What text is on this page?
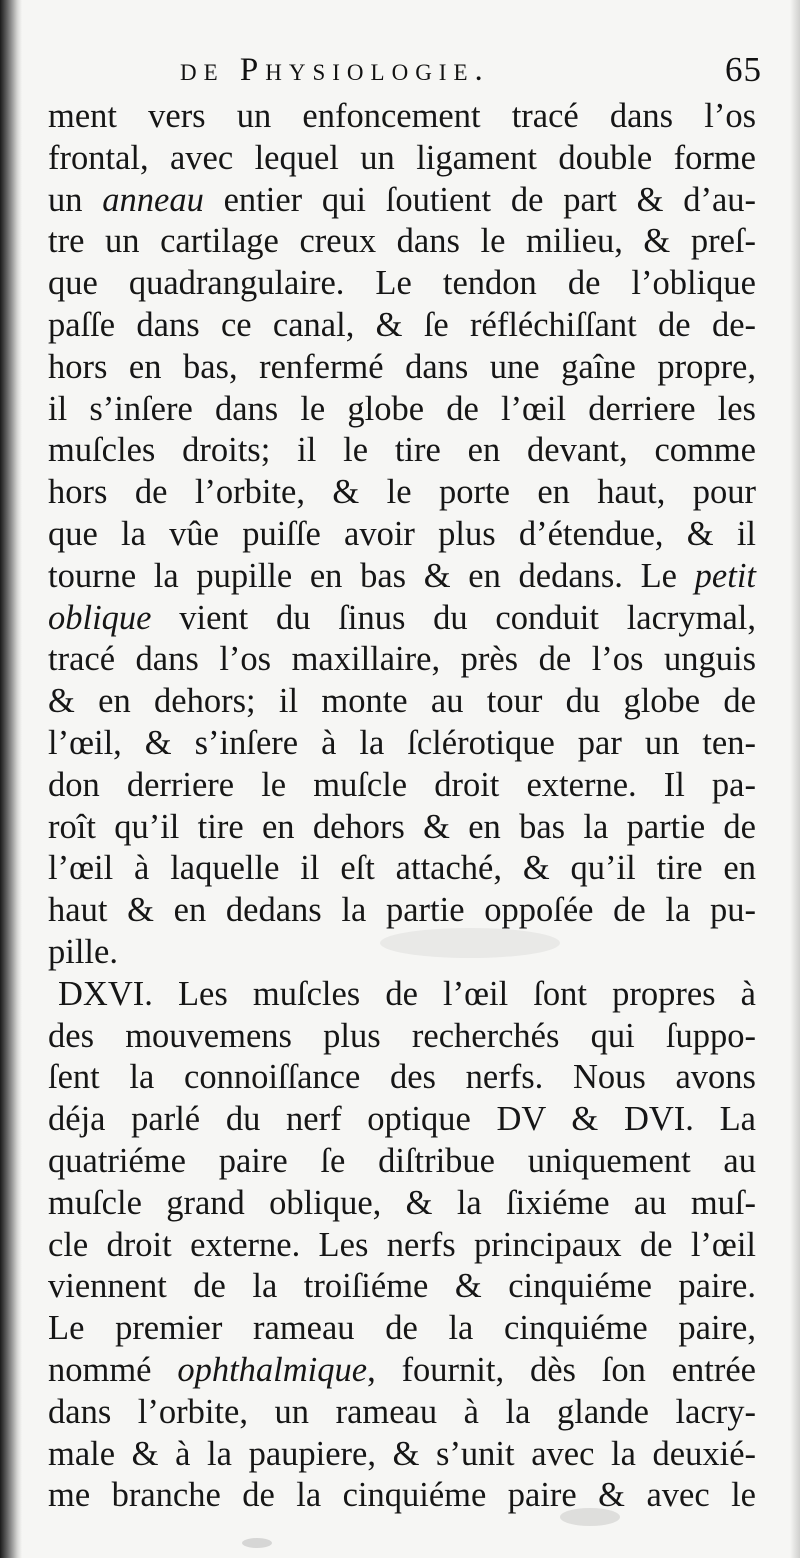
de Physiologie.	65
ment vers un enfoncement tracé dans l’os
frontal, avec lequel un ligament double forme
un anneau entier qui ſoutient de part & d’au-
tre un cartilage creux dans le milieu, & preſ-
que quadrangulaire. Le tendon de l’oblique
paſſe dans ce canal, & ſe réfléchiſſant de de-
hors en bas, renfermé dans une gaîne propre,
il s’inſere dans le globe de l’œil derriere les
muſcles droits; il le tire en devant, comme
hors de l’orbite, & le porte en haut, pour
que la vûe puiſſe avoir plus d’étendue, & il
tourne la pupille en bas & en dedans. Le petit
oblique vient du ſinus du conduit lacrymal,
tracé dans l’os maxillaire, près de l’os unguis
& en dehors; il monte au tour du globe de
l’œil, & s’inſere à la ſclérotique par un ten-
don derriere le muſcle droit externe. Il pa-
roît qu’il tire en dehors & en bas la partie de
l’œil à laquelle il eſt attaché, & qu’il tire en
haut & en dedans la partie oppoſée de la pu-
pille.
DXVI. Les muſcles de l’œil ſont propres à
des mouvemens plus recherchés qui ſuppo-
ſent la connoiſſance des nerfs. Nous avons
déja parlé du nerf optique DV & DVI. La
quatriéme paire ſe diſtribue uniquement au
muſcle grand oblique, & la ſixiéme au muſ-
cle droit externe. Les nerfs principaux de l’œil
viennent de la troiſiéme & cinquiéme paire.
Le premier rameau de la cinquiéme paire,
nommé ophthalmique, fournit, dès ſon entrée
dans l’orbite, un rameau à la glande lacry-
male & à la paupiere, & s’unit avec la deuxié-
me branche de la cinquiéme paire & avec le
